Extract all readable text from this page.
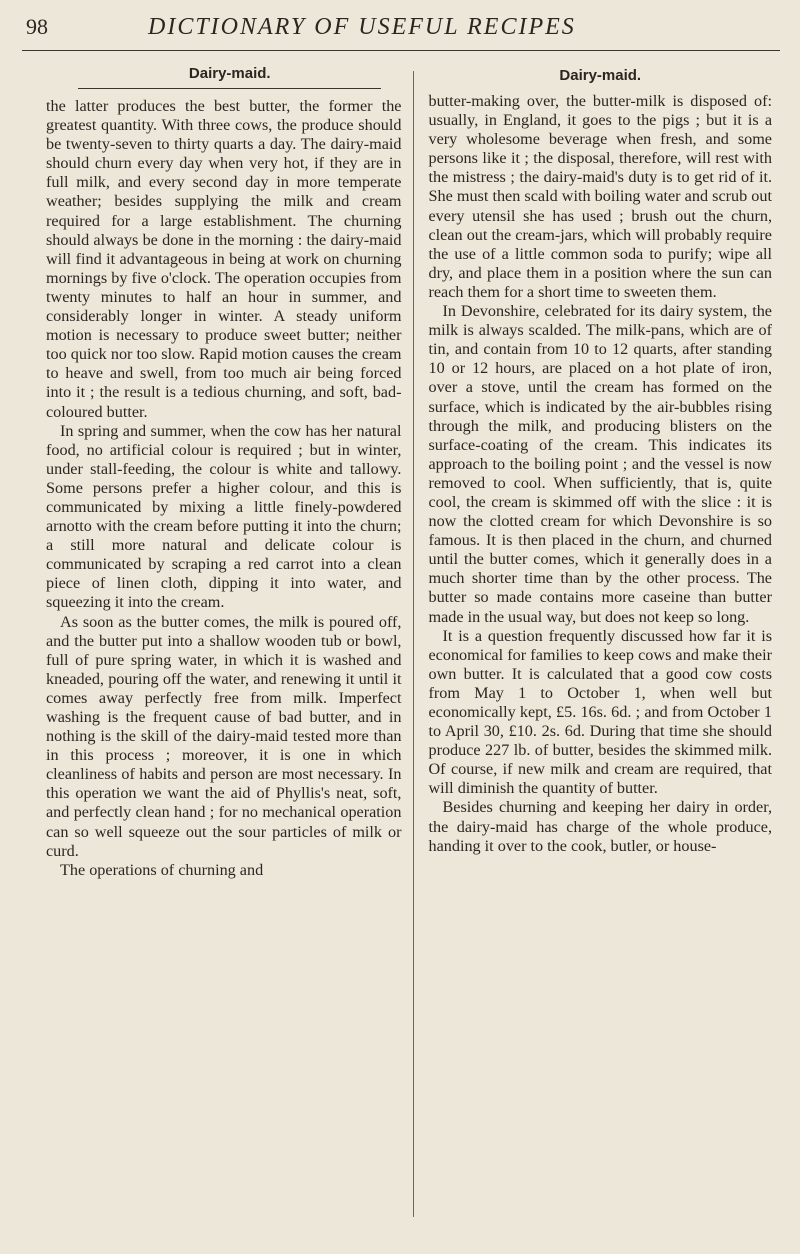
98	DICTIONARY OF USEFUL RECIPES
Dairy-maid.

the latter produces the best butter, the former the greatest quantity. With three cows, the produce should be twenty-seven to thirty quarts a day. The dairy-maid should churn every day when very hot, if they are in full milk, and every second day in more temperate weather; besides supplying the milk and cream required for a large establishment. The churning should always be done in the morning : the dairy-maid will find it advantageous in being at work on churning mornings by five o'clock. The operation occupies from twenty minutes to half an hour in summer, and considerably longer in winter. A steady uniform motion is necessary to produce sweet butter; neither too quick nor too slow. Rapid motion causes the cream to heave and swell, from too much air being forced into it ; the result is a tedious churning, and soft, bad-coloured butter.

In spring and summer, when the cow has her natural food, no artificial colour is required ; but in winter, under stall-feeding, the colour is white and tallowy. Some persons prefer a higher colour, and this is communicated by mixing a little finely-powdered arnotto with the cream before putting it into the churn; a still more natural and delicate colour is communicated by scraping a red carrot into a clean piece of linen cloth, dipping it into water, and squeezing it into the cream.

As soon as the butter comes, the milk is poured off, and the butter put into a shallow wooden tub or bowl, full of pure spring water, in which it is washed and kneaded, pouring off the water, and renewing it until it comes away perfectly free from milk. Imperfect washing is the frequent cause of bad butter, and in nothing is the skill of the dairy-maid tested more than in this process ; moreover, it is one in which cleanliness of habits and person are most necessary. In this operation we want the aid of Phyllis's neat, soft, and perfectly clean hand ; for no mechanical operation can so well squeeze out the sour particles of milk or curd.

The operations of churning and

Dairy-maid.

butter-making over, the butter-milk is disposed of: usually, in England, it goes to the pigs ; but it is a very wholesome beverage when fresh, and some persons like it ; the disposal, therefore, will rest with the mistress ; the dairy-maid's duty is to get rid of it. She must then scald with boiling water and scrub out every utensil she has used ; brush out the churn, clean out the cream-jars, which will probably require the use of a little common soda to purify; wipe all dry, and place them in a position where the sun can reach them for a short time to sweeten them.

In Devonshire, celebrated for its dairy system, the milk is always scalded. The milk-pans, which are of tin, and contain from 10 to 12 quarts, after standing 10 or 12 hours, are placed on a hot plate of iron, over a stove, until the cream has formed on the surface, which is indicated by the air-bubbles rising through the milk, and producing blisters on the surface-coating of the cream. This indicates its approach to the boiling point ; and the vessel is now removed to cool. When sufficiently, that is, quite cool, the cream is skimmed off with the slice : it is now the clotted cream for which Devonshire is so famous. It is then placed in the churn, and churned until the butter comes, which it generally does in a much shorter time than by the other process. The butter so made contains more caseine than butter made in the usual way, but does not keep so long.

It is a question frequently discussed how far it is economical for families to keep cows and make their own butter. It is calculated that a good cow costs from May 1 to October 1, when well but economically kept, £5. 16s. 6d. ; and from October 1 to April 30, £10. 2s. 6d. During that time she should produce 227 lb. of butter, besides the skimmed milk. Of course, if new milk and cream are required, that will diminish the quantity of butter.

Besides churning and keeping her dairy in order, the dairy-maid has charge of the whole produce, handing it over to the cook, butler, or house-
